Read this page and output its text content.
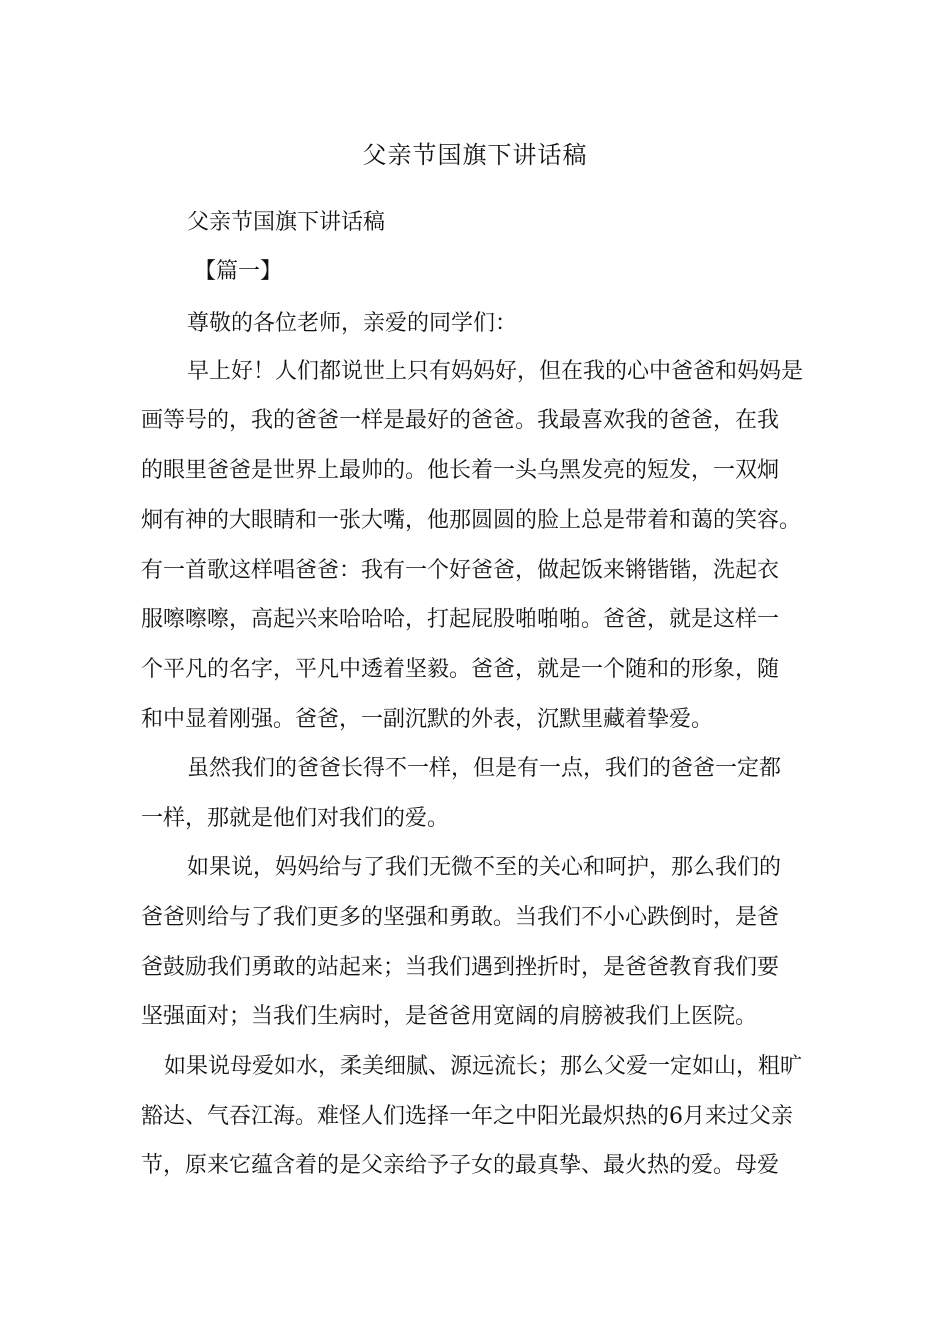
父亲节国旗下讲话稿
父亲节国旗下讲话稿
【篇一】
尊敬的各位老师，亲爱的同学们：
早上好！人们都说世上只有妈妈好，但在我的心中爸爸和妈妈是
画等号的，我的爸爸一样是最好的爸爸。我最喜欢我的爸爸，在我
的眼里爸爸是世界上最帅的。他长着一头乌黑发亮的短发，一双炯
炯有神的大眼睛和一张大嘴，他那圆圆的脸上总是带着和蔼的笑容。
有一首歌这样唱爸爸：我有一个好爸爸，做起饭来锵锴锴，洗起衣
服嚓嚓嚓，高起兴来哈哈哈，打起屁股啪啪啪。爸爸，就是这样一
个平凡的名字，平凡中透着坚毅。爸爸，就是一个随和的形象，随
和中显着刚强。爸爸，一副沉默的外表，沉默里藏着挚爱。
虽然我们的爸爸长得不一样，但是有一点，我们的爸爸一定都
一样，那就是他们对我们的爱。
如果说，妈妈给与了我们无微不至的关心和呵护，那么我们的
爸爸则给与了我们更多的坚强和勇敢。当我们不小心跌倒时，是爸
爸鼓励我们勇敢的站起来；当我们遇到挫折时，是爸爸教育我们要
坚强面对；当我们生病时，是爸爸用宽阔的肩膀被我们上医院。
如果说母爱如水，柔美细腻、源远流长；那么父爱一定如山，粗旷
豁达、气吞江海。难怪人们选择一年之中阳光最炽热的6月来过父亲
节，原来它蕴含着的是父亲给予子女的最真挚、最火热的爱。母爱
